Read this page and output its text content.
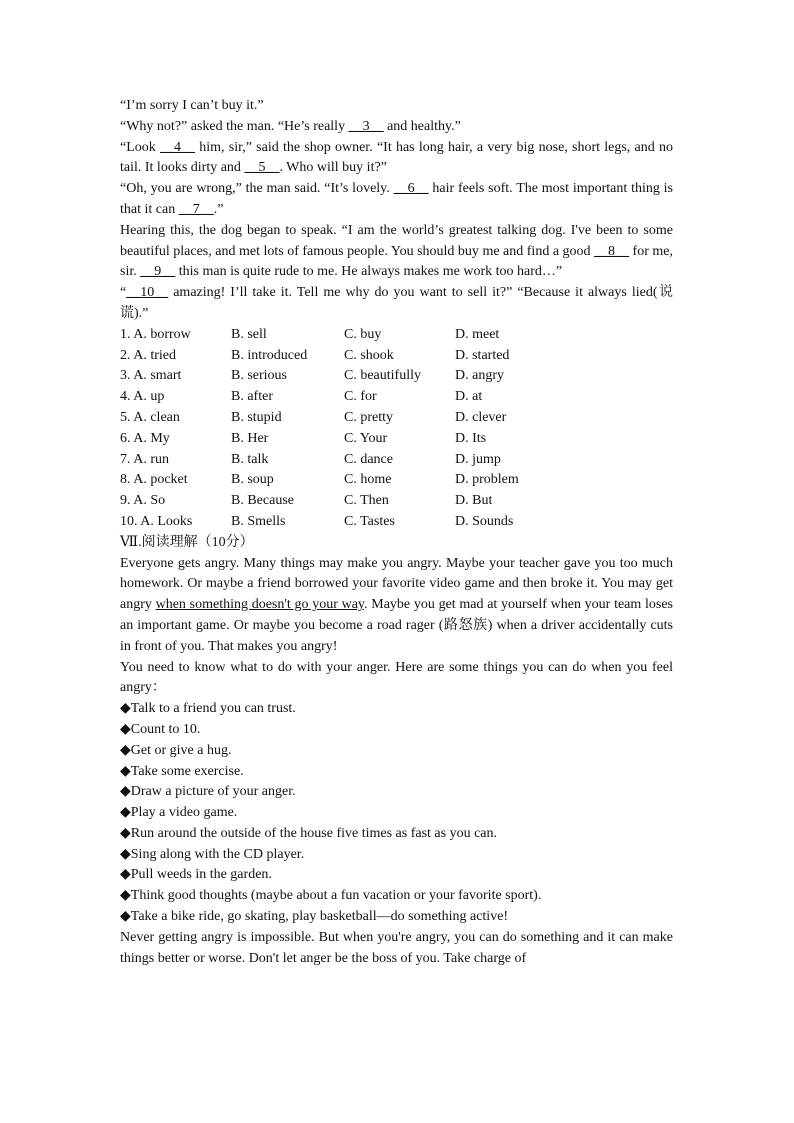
“I’m sorry I can’t buy it.”

“Why not?” asked the man. “He’s really __3__ and healthy.”

“Look __4__ him, sir,” said the shop owner. “It has long hair, a very big nose, short legs, and no tail. It looks dirty and __5__. Who will buy it?”

“Oh, you are wrong,” the man said. “It’s lovely. __6__ hair feels soft. The most important thing is that it can __7__.”

Hearing this, the dog began to speak. “I am the world’s greatest talking dog. I've been to some beautiful places, and met lots of famous people. You should buy me and find a good __8__ for me, sir. __9__ this man is quite rude to me. He always makes me work too hard…”

“__10__ amazing! I’ll take it. Tell me why do you want to sell it?” “Because it always lied(说谎).”

1. A. borrow	B. sell	C. buy	D. meet
2. A. tried	B. introduced	C. shook	D. started
3. A. smart	B. serious	C. beautifully	D. angry
4. A. up	B. after	C. for	D. at
5. A. clean	B. stupid	C. pretty	D. clever
6. A. My	B. Her	C. Your	D. Its
7. A. run	B. talk	C. dance	D. jump
8. A. pocket	B. soup	C. home	D. problem
9. A. So	B. Because	C. Then	D. But
10. A. Looks	B. Smells	C. Tastes	D. Sounds

Ⅶ.阅读理解（10分）

Everyone gets angry. Many things may make you angry. Maybe your teacher gave you too much homework. Or maybe a friend borrowed your favorite video game and then broke it. You may get angry when something doesn't go your way. Maybe you get mad at yourself when your team loses an important game. Or maybe you become a road rager (路怒族) when a driver accidentally cuts in front of you. That makes you angry!

You need to know what to do with your anger. Here are some things you can do when you feel angry：

◆Talk to a friend you can trust.

◆Count to 10.

◆Get or give a hug.

◆Take some exercise.

◆Draw a picture of your anger.

◆Play a video game.

◆Run around the outside of the house five times as fast as you can.

◆Sing along with the CD player.

◆Pull weeds in the garden.

◆Think good thoughts (maybe about a fun vacation or your favorite sport).

◆Take a bike ride, go skating, play basketball—do something active!

Never getting angry is impossible. But when you're angry, you can do something and it can make things better or worse. Don't let anger be the boss of you. Take charge of
